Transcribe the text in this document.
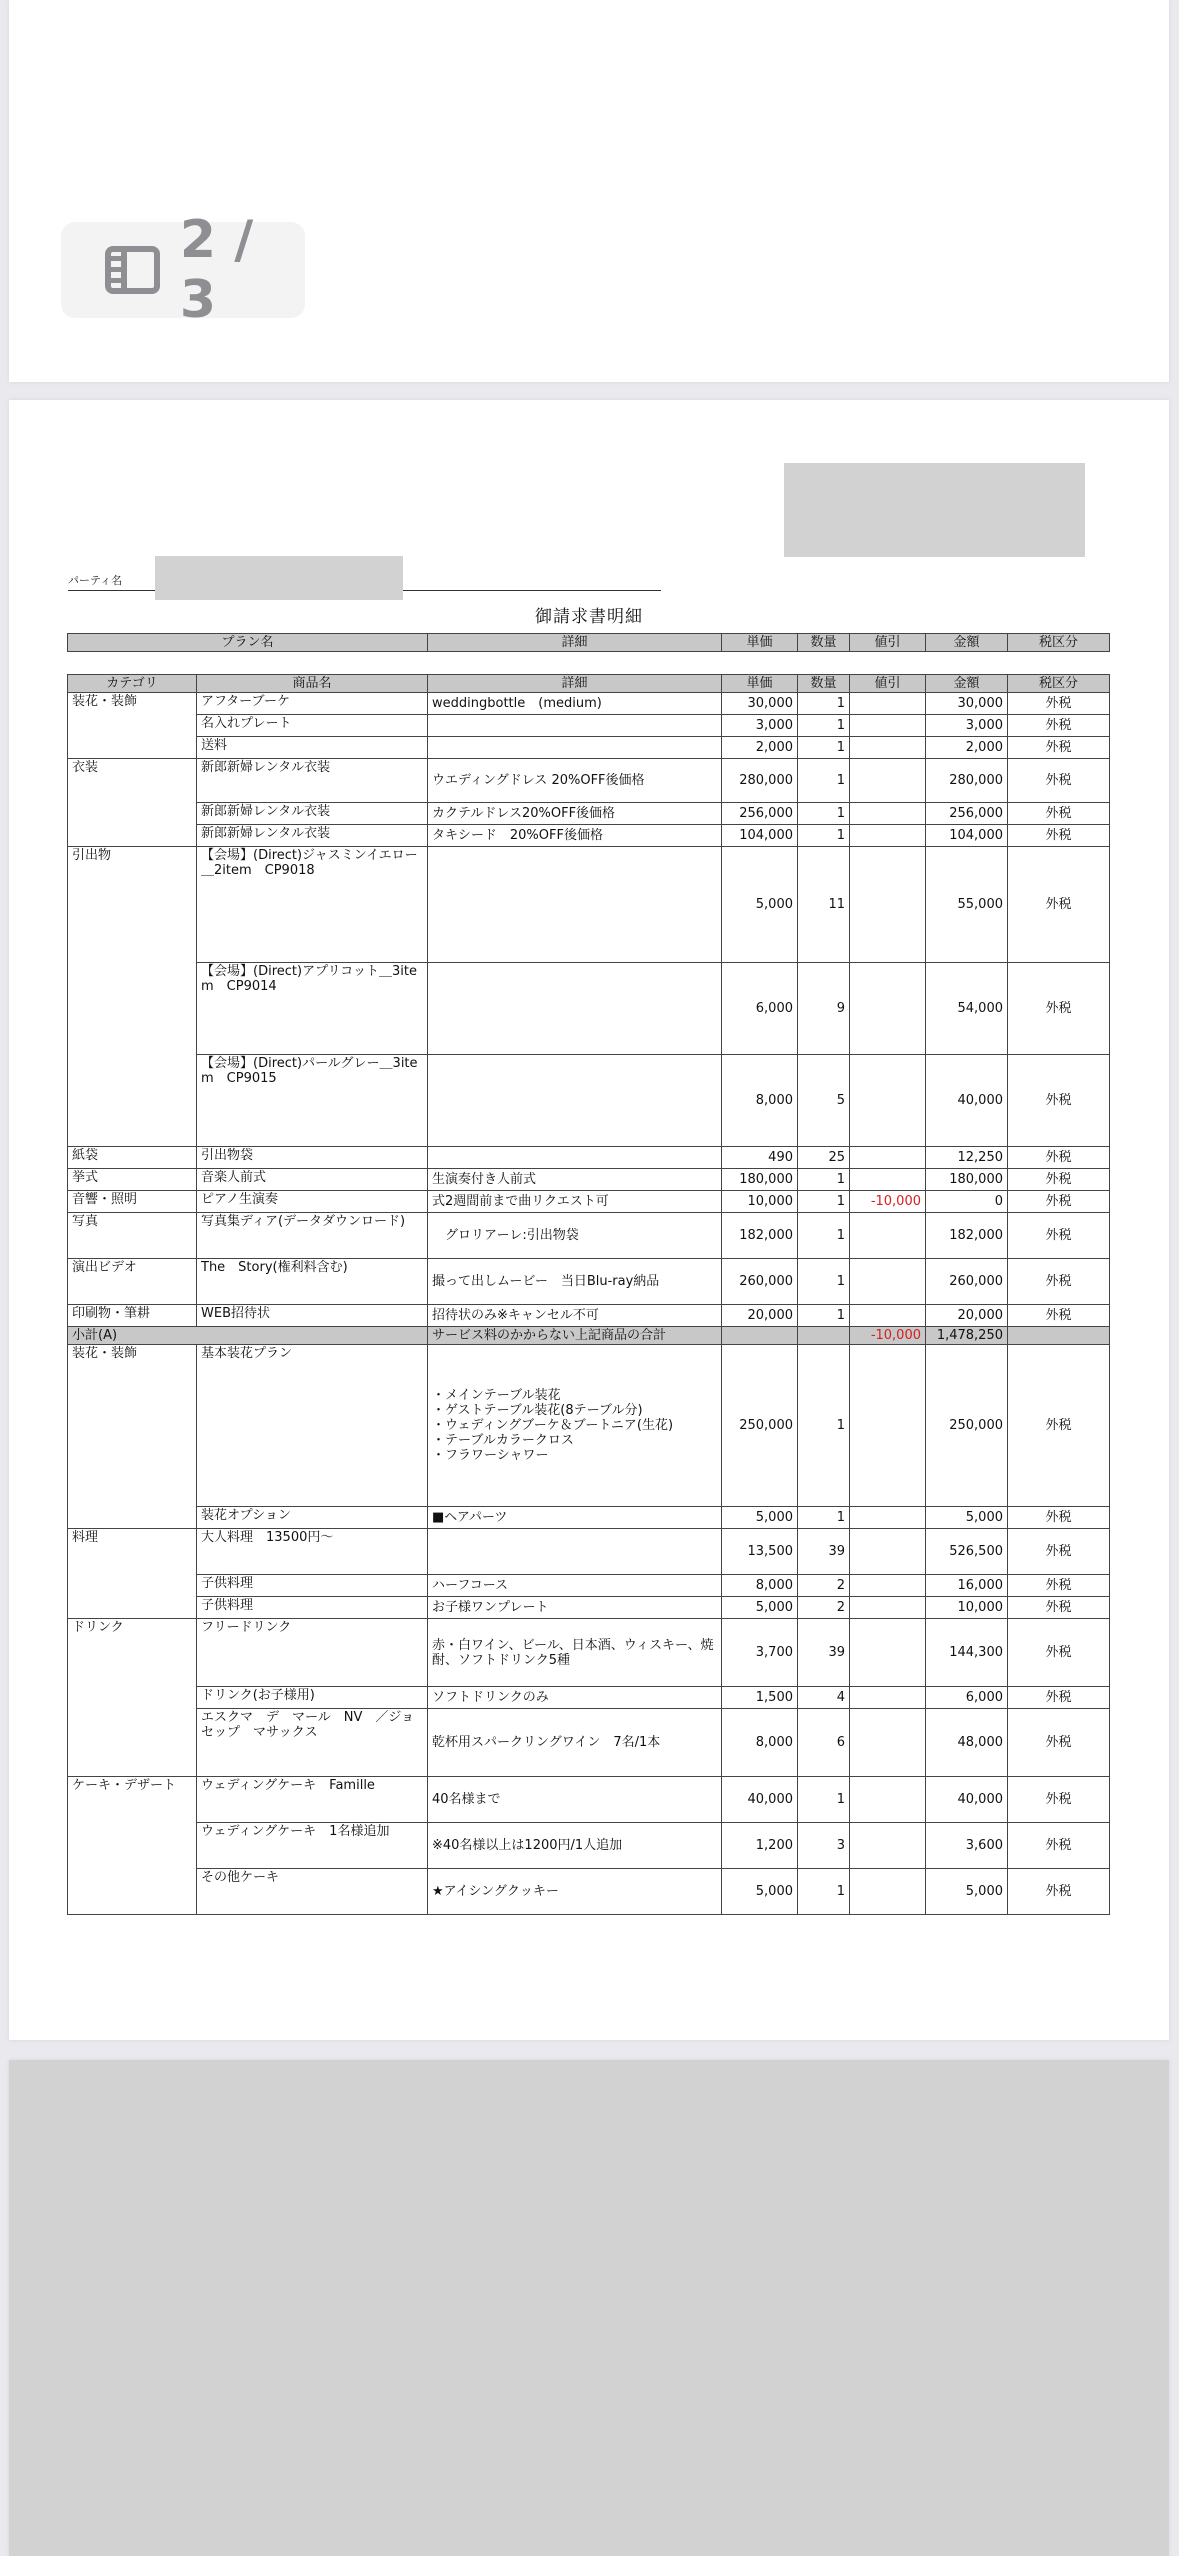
2 / 3
パーティ名
御請求書明細
プラン名	詳細	単価	数量	値引	金額	税区分
カテゴリ	商品名	詳細	単価	数量	値引	金額	税区分
装花・装飾	アフターブーケ	weddingbottle　(medium)	30,000	1		30,000	外税
	名入れプレート		3,000	1		3,000	外税
	送料		2,000	1		2,000	外税
衣装	新郎新婦レンタル衣装	ウエディングドレス 20%OFF後価格	280,000	1		280,000	外税
	新郎新婦レンタル衣装	カクテルドレス20%OFF後価格	256,000	1		256,000	外税
	新郎新婦レンタル衣装	タキシード　20%OFF後価格	104,000	1		104,000	外税
引出物	【会場】(Direct)ジャスミンイエロー＿2item　CP9018		5,000	11		55,000	外税
	【会場】(Direct)アプリコット＿3item　CP9014		6,000	9		54,000	外税
	【会場】(Direct)パールグレー＿3item　CP9015		8,000	5		40,000	外税
紙袋	引出物袋		490	25		12,250	外税
挙式	音楽人前式	生演奏付き人前式	180,000	1		180,000	外税
音響・照明	ピアノ生演奏	式2週間前まで曲リクエスト可	10,000	1	-10,000	0	外税
写真	写真集ディア(データダウンロード)	　グロリアーレ:引出物袋	182,000	1		182,000	外税
演出ビデオ	The　Story(権利料含む)	撮って出しムービー　当日Blu-ray納品	260,000	1		260,000	外税
印刷物・筆耕	WEB招待状	招待状のみ※キャンセル不可	20,000	1		20,000	外税
小計(A)		サービス料のかからない上記商品の合計			-10,000	1,478,250	
装花・装飾	基本装花プラン	・メインテーブル装花
・ゲストテーブル装花(8テーブル分)
・ウェディングブーケ＆ブートニア(生花)
・テーブルカラークロス
・フラワーシャワー	250,000	1		250,000	外税
	装花オプション	■ヘアパーツ	5,000	1		5,000	外税
料理	大人料理　13500円～		13,500	39		526,500	外税
	子供料理	ハーフコース	8,000	2		16,000	外税
	子供料理	お子様ワンプレート	5,000	2		10,000	外税
ドリンク	フリードリンク	赤・白ワイン、ビール、日本酒、ウィスキー、焼酎、ソフトドリンク5種	3,700	39		144,300	外税
	ドリンク(お子様用)	ソフトドリンクのみ	1,500	4		6,000	外税
	エスクマ　デ　マール　NV　／ジョセップ　マサックス	乾杯用スパークリングワイン　7名/1本	8,000	6		48,000	外税
ケーキ・デザート	ウェディングケーキ　Famille	40名様まで	40,000	1		40,000	外税
	ウェディングケーキ　1名様追加	※40名様以上は1200円/1人追加	1,200	3		3,600	外税
	その他ケーキ	★アイシングクッキー	5,000	1		5,000	外税
